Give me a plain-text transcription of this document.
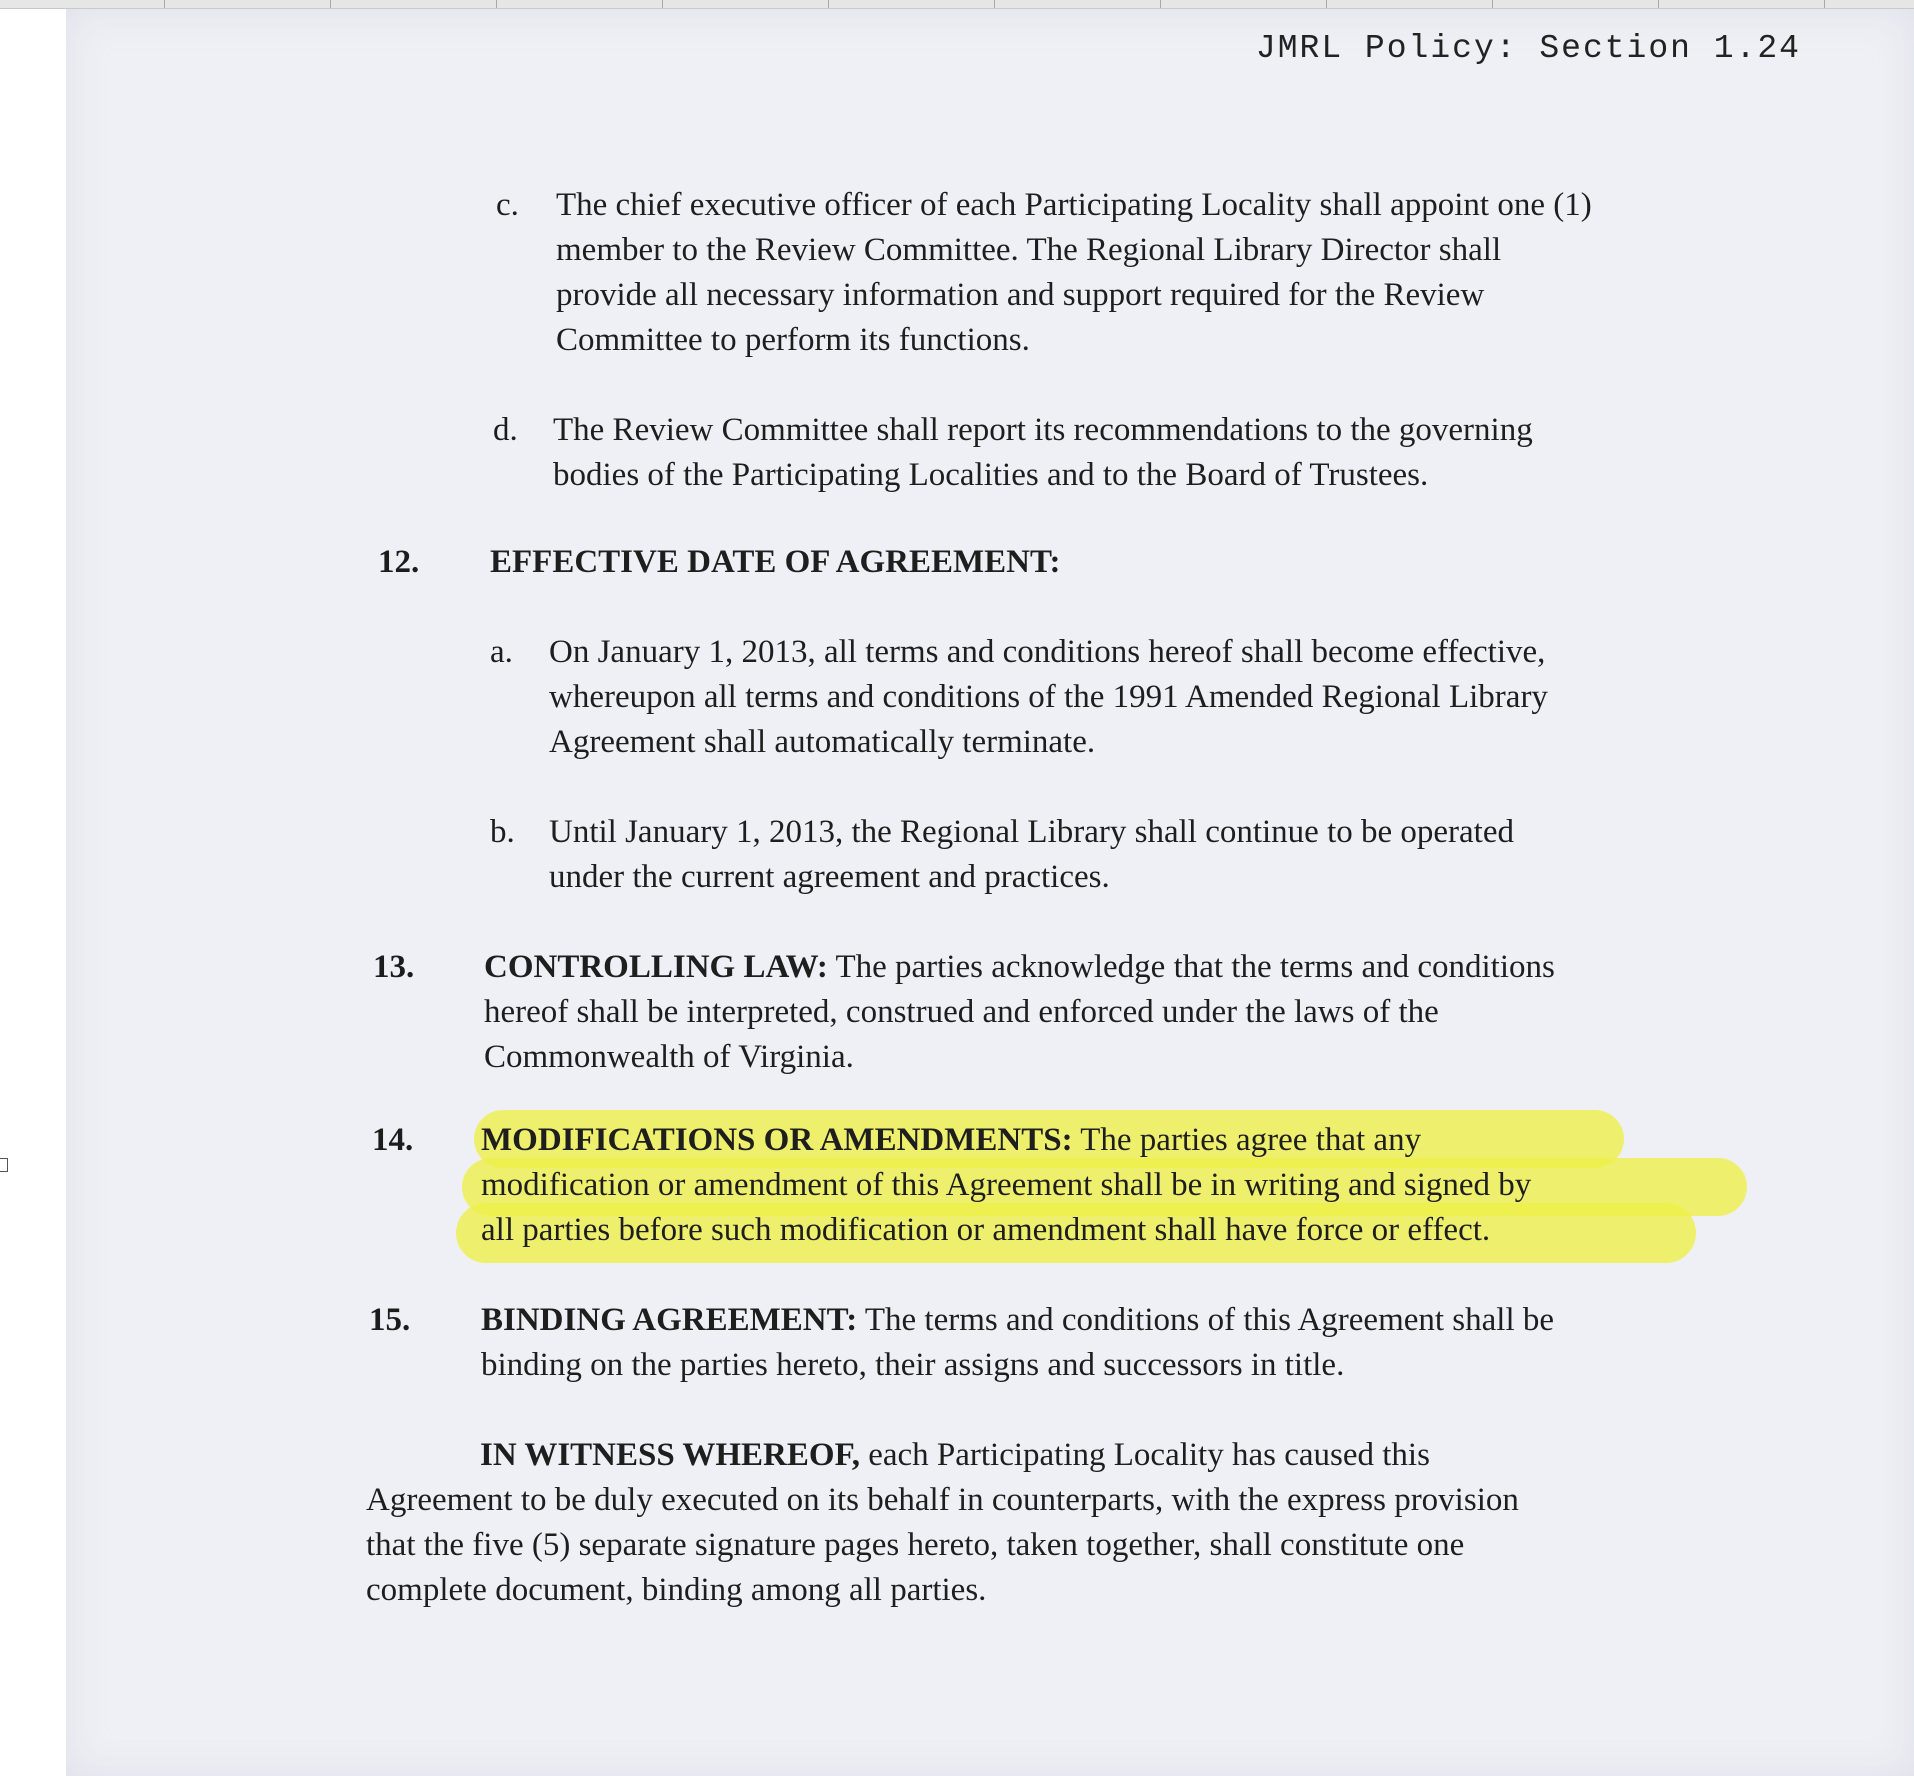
JMRL Policy: Section 1.24
c. The chief executive officer of each Participating Locality shall appoint one (1)
member to the Review Committee. The Regional Library Director shall
provide all necessary information and support required for the Review
Committee to perform its functions.
d. The Review Committee shall report its recommendations to the governing
bodies of the Participating Localities and to the Board of Trustees.
12. EFFECTIVE DATE OF AGREEMENT:
a. On January 1, 2013, all terms and conditions hereof shall become effective,
whereupon all terms and conditions of the 1991 Amended Regional Library
Agreement shall automatically terminate.
b. Until January 1, 2013, the Regional Library shall continue to be operated
under the current agreement and practices.
13. CONTROLLING LAW: The parties acknowledge that the terms and conditions
hereof shall be interpreted, construed and enforced under the laws of the
Commonwealth of Virginia.
14. MODIFICATIONS OR AMENDMENTS: The parties agree that any
modification or amendment of this Agreement shall be in writing and signed by
all parties before such modification or amendment shall have force or effect.
15. BINDING AGREEMENT: The terms and conditions of this Agreement shall be
binding on the parties hereto, their assigns and successors in title.
IN WITNESS WHEREOF, each Participating Locality has caused this
Agreement to be duly executed on its behalf in counterparts, with the express provision
that the five (5) separate signature pages hereto, taken together, shall constitute one
complete document, binding among all parties.
